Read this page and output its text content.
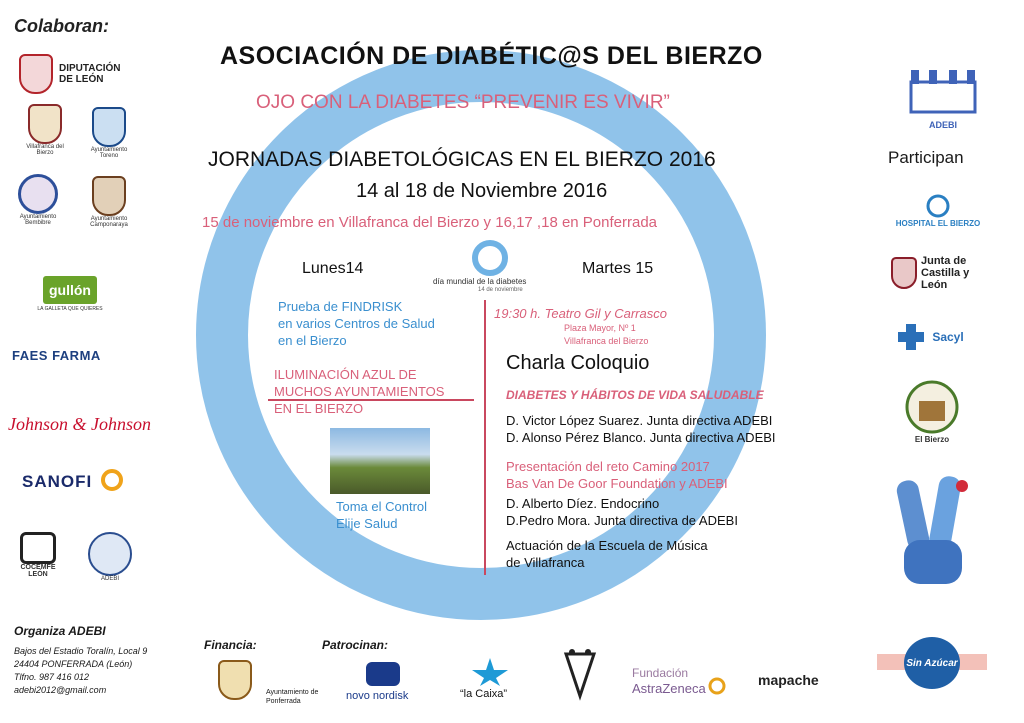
Colaboran:
DIPUTACIÓN DE LEÓN
Villafranca del Bierzo	Ayuntamiento Toreno
Ayuntamiento Bembibre
Ayuntamiento Camponaraya
gullón
LA GALLETA QUE QUIERES
FAES FARMA
Johnson & Johnson
SANOFI
COCEMFE LEÓN
ADEBI
Organiza ADEBI
Bajos del Estadio Toralín, Local 9
24404 PONFERRADA (León)
Tlfno. 987 416 012
adebi2012@gmail.com
ASOCIACIÓN DE DIABÉTIC@S DEL BIERZO
OJO CON LA DIABETES “PREVENIR ES VIVIR”
JORNADAS DIABETOLÓGICAS EN EL BIERZO 2016
14 al 18 de Noviembre 2016
15 de noviembre en Villafranca del Bierzo y 16,17 ,18 en Ponferrada
día mundial de la diabetes
14 de noviembre
Lunes14
Prueba de FINDRISK
en varios Centros de Salud
en el Bierzo
ILUMINACIÓN AZUL DE
MUCHOS AYUNTAMIENTOS
EN EL BIERZO
Toma el Control
Elije Salud
Martes 15
19:30 h. Teatro Gil y Carrasco
Plaza Mayor, Nº 1
Villafranca del Bierzo
Charla Coloquio
DIABETES Y HÁBITOS DE VIDA SALUDABLE
D. Victor López Suarez. Junta directiva ADEBI
D. Alonso Pérez Blanco. Junta directiva ADEBI
Presentación del reto Camino 2017
Bas Van De Goor Foundation y ADEBI
D. Alberto Díez. Endocrino
D.Pedro Mora. Junta directiva de ADEBI
Actuación de la Escuela de Música
de Villafranca
ADEBI
Participan
HOSPITAL EL BIERZO
Junta de Castilla y León
Sacyl
El Bierzo
Sin Azúcar
Financia:	Patrocinan:
Ayuntamiento de Ponferrada	novo nordisk	“la Caixa”
Fundación
AstraZeneca
mapache
